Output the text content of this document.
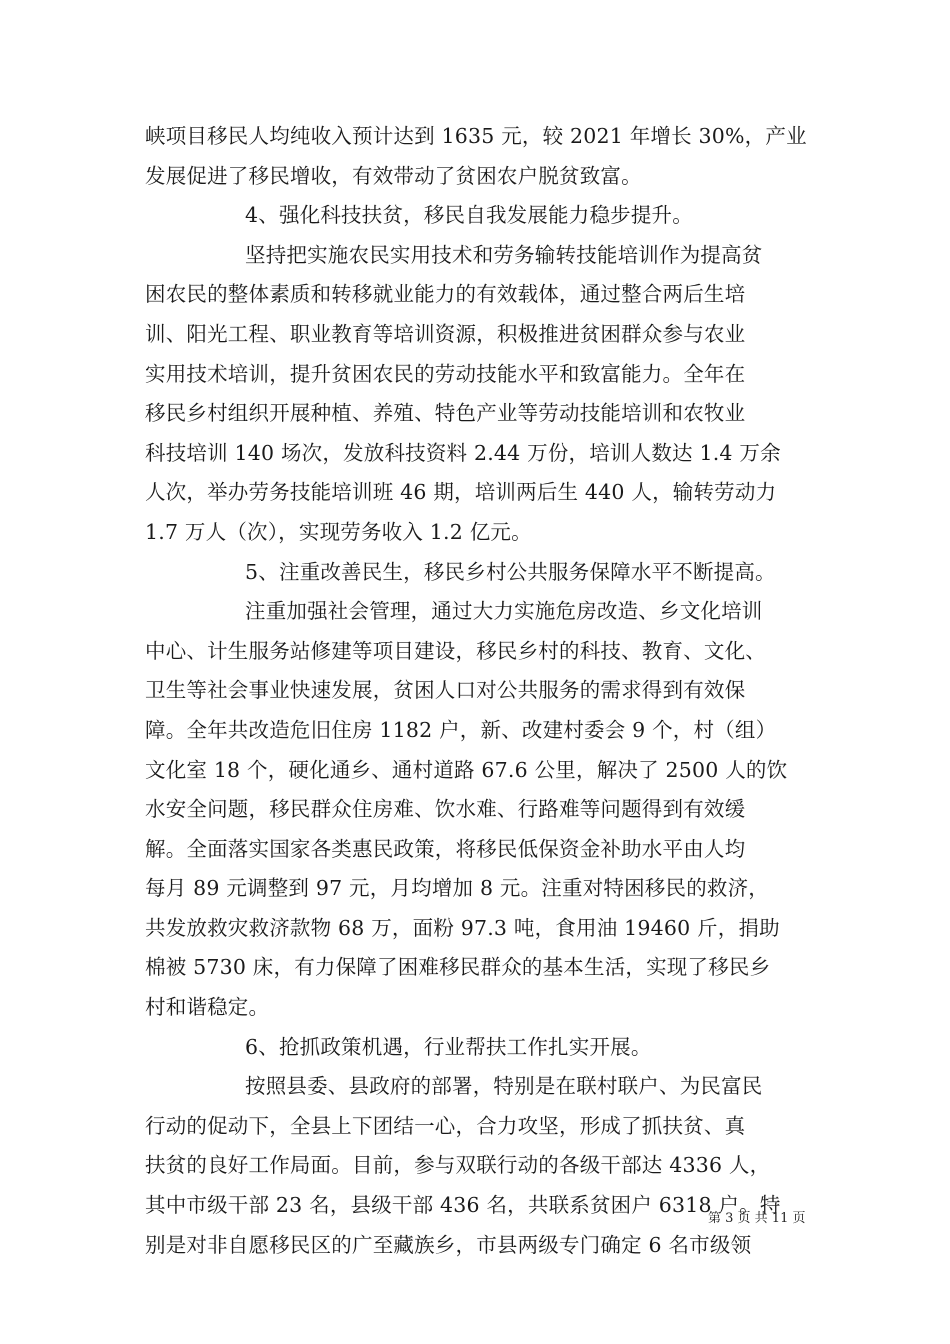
峡项目移民人均纯收入预计达到 1635 元，较 2021 年增长 30%，产业
发展促进了移民增收，有效带动了贫困农户脱贫致富。
4、强化科技扶贫，移民自我发展能力稳步提升。
坚持把实施农民实用技术和劳务输转技能培训作为提高贫
困农民的整体素质和转移就业能力的有效载体，通过整合两后生培
训、阳光工程、职业教育等培训资源，积极推进贫困群众参与农业
实用技术培训，提升贫困农民的劳动技能水平和致富能力。全年在
移民乡村组织开展种植、养殖、特色产业等劳动技能培训和农牧业
科技培训 140 场次，发放科技资料 2.44 万份，培训人数达 1.4 万余
人次，举办劳务技能培训班 46 期，培训两后生 440 人，输转劳动力
1.7 万人（次），实现劳务收入 1.2 亿元。
5、注重改善民生，移民乡村公共服务保障水平不断提高。
注重加强社会管理，通过大力实施危房改造、乡文化培训
中心、计生服务站修建等项目建设，移民乡村的科技、教育、文化、
卫生等社会事业快速发展，贫困人口对公共服务的需求得到有效保
障。全年共改造危旧住房 1182 户，新、改建村委会 9 个，村（组）
文化室 18 个，硬化通乡、通村道路 67.6 公里，解决了 2500 人的饮
水安全问题，移民群众住房难、饮水难、行路难等问题得到有效缓
解。全面落实国家各类惠民政策，将移民低保资金补助水平由人均
每月 89 元调整到 97 元，月均增加 8 元。注重对特困移民的救济，
共发放救灾救济款物 68 万，面粉 97.3 吨，食用油 19460 斤，捐助
棉被 5730 床，有力保障了困难移民群众的基本生活，实现了移民乡
村和谐稳定。
6、抢抓政策机遇，行业帮扶工作扎实开展。
按照县委、县政府的部署，特别是在联村联户、为民富民
行动的促动下，全县上下团结一心，合力攻坚，形成了抓扶贫、真
扶贫的良好工作局面。目前，参与双联行动的各级干部达 4336 人，
其中市级干部 23 名，县级干部 436 名，共联系贫困户 6318 户。特
别是对非自愿移民区的广至藏族乡，市县两级专门确定 6 名市级领
第 3 页 共 11 页
